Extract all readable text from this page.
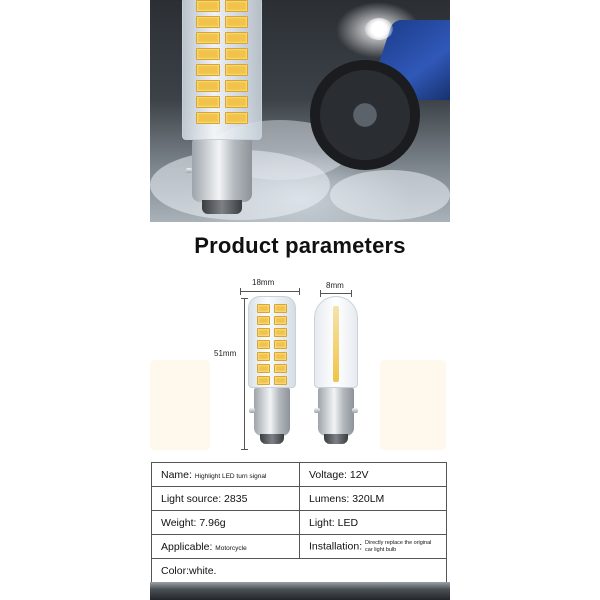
Product parameters
18mm	8mm
51mm
Name: Highlight LED turn signal	Voltage: 12V
Light source: 2835	Lumens: 320LM
Weight: 7.96g	Light: LED
Applicable: Motorcycle	Installation: Directly replace the original
car light bulb
Color:white.	
